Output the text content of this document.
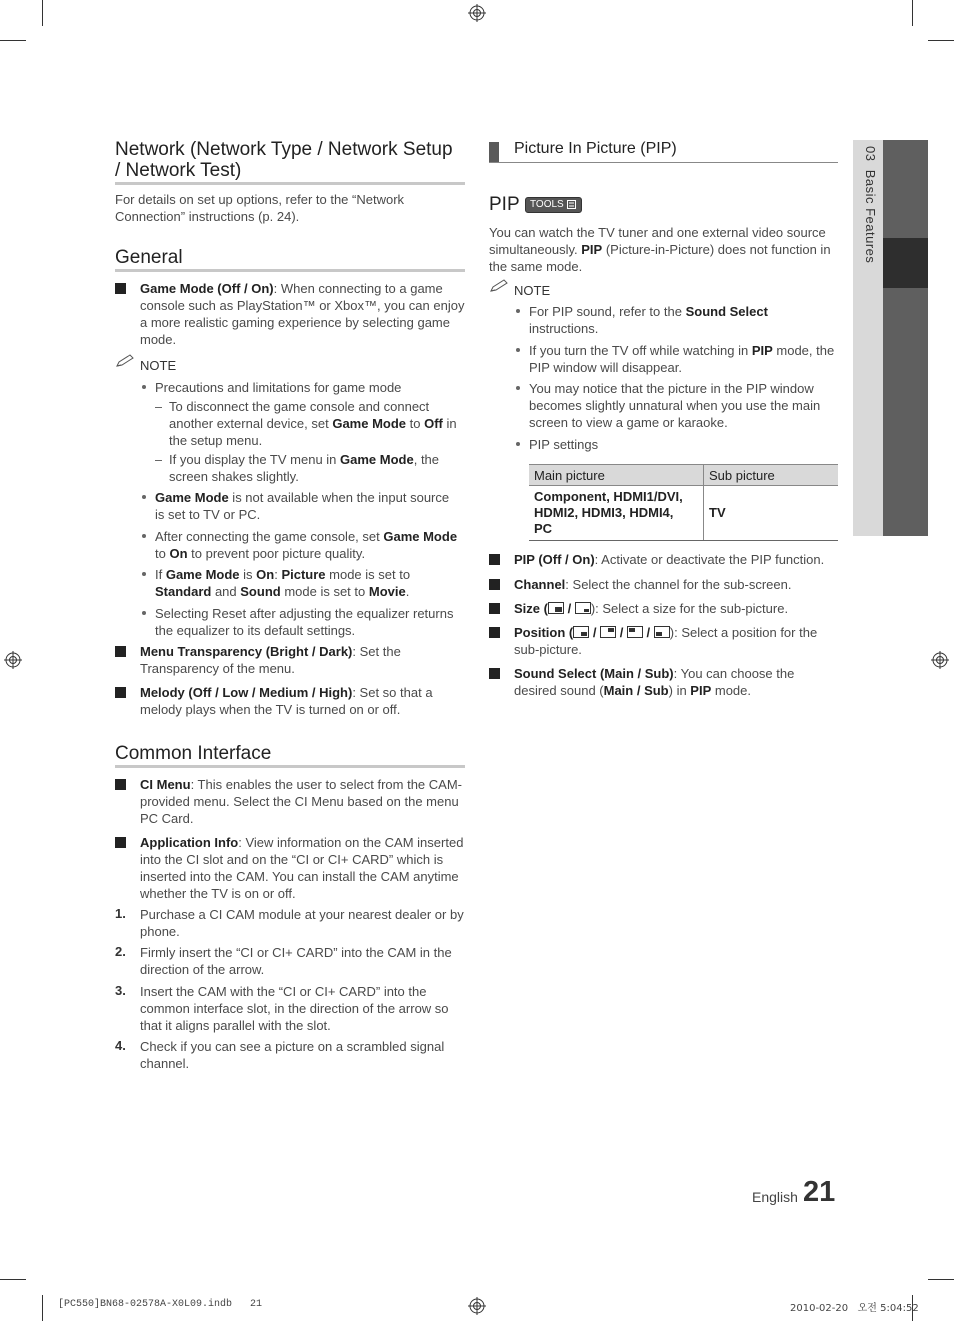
03  Basic Features
Network (Network Type / Network Setup
/ Network Test)
For details on set up options, refer to the “Network
Connection” instructions (p. 24).
General
Game Mode (Off / On): When connecting to a game
console such as PlayStation™ or Xbox™, you can enjoy
a more realistic gaming experience by selecting game
mode.
NOTE
Precautions and limitations for game mode
To disconnect the game console and connect
another external device, set Game Mode to Off in
the setup menu.
If you display the TV menu in Game Mode, the
screen shakes slightly.
Game Mode is not available when the input source
is set to TV or PC.
After connecting the game console, set Game Mode
to On to prevent poor picture quality.
If Game Mode is On: Picture mode is set to
Standard and Sound mode is set to Movie.
Selecting Reset after adjusting the equalizer returns
the equalizer to its default settings.
Menu Transparency (Bright / Dark): Set the
Transparency of the menu.
Melody (Off / Low / Medium / High): Set so that a
melody plays when the TV is turned on or off.
Common Interface
CI Menu: This enables the user to select from the CAM-
provided menu. Select the CI Menu based on the menu
PC Card.
Application Info: View information on the CAM inserted
into the CI slot and on the “CI or CI+ CARD” which is
inserted into the CAM. You can install the CAM anytime
whether the TV is on or off.
1. Purchase a CI CAM module at your nearest dealer or by
phone.
2. Firmly insert the “CI or CI+ CARD” into the CAM in the
direction of the arrow.
3. Insert the CAM with the “CI or CI+ CARD” into the
common interface slot, in the direction of the arrow so
that it aligns parallel with the slot.
4. Check if you can see a picture on a scrambled signal
channel.
Picture In Picture (PIP)
PIP	TOOLS
You can watch the TV tuner and one external video source
simultaneously. PIP (Picture-in-Picture) does not function in
the same mode.
NOTE
For PIP sound, refer to the Sound Select
instructions.
If you turn the TV off while watching in PIP mode, the
PIP window will disappear.
You may notice that the picture in the PIP window
becomes slightly unnatural when you use the main
screen to view a game or karaoke.
PIP settings
Main picture	Sub picture

Component, HDMI1/DVI,
HDMI2, HDMI3, HDMI4,
PC	TV
PIP (Off / On): Activate or deactivate the PIP function.
Channel: Select the channel for the sub-screen.
Size (
/
): Select a size for the sub-picture.
Position (
/
/
/
): Select a position for the
sub-picture.
Sound Select (Main / Sub): You can choose the
desired sound (Main / Sub) in PIP mode.
English 21
[PC550]BN68-02578A-X0L09.indb   21	2010-02-20   오전 5:04:52
